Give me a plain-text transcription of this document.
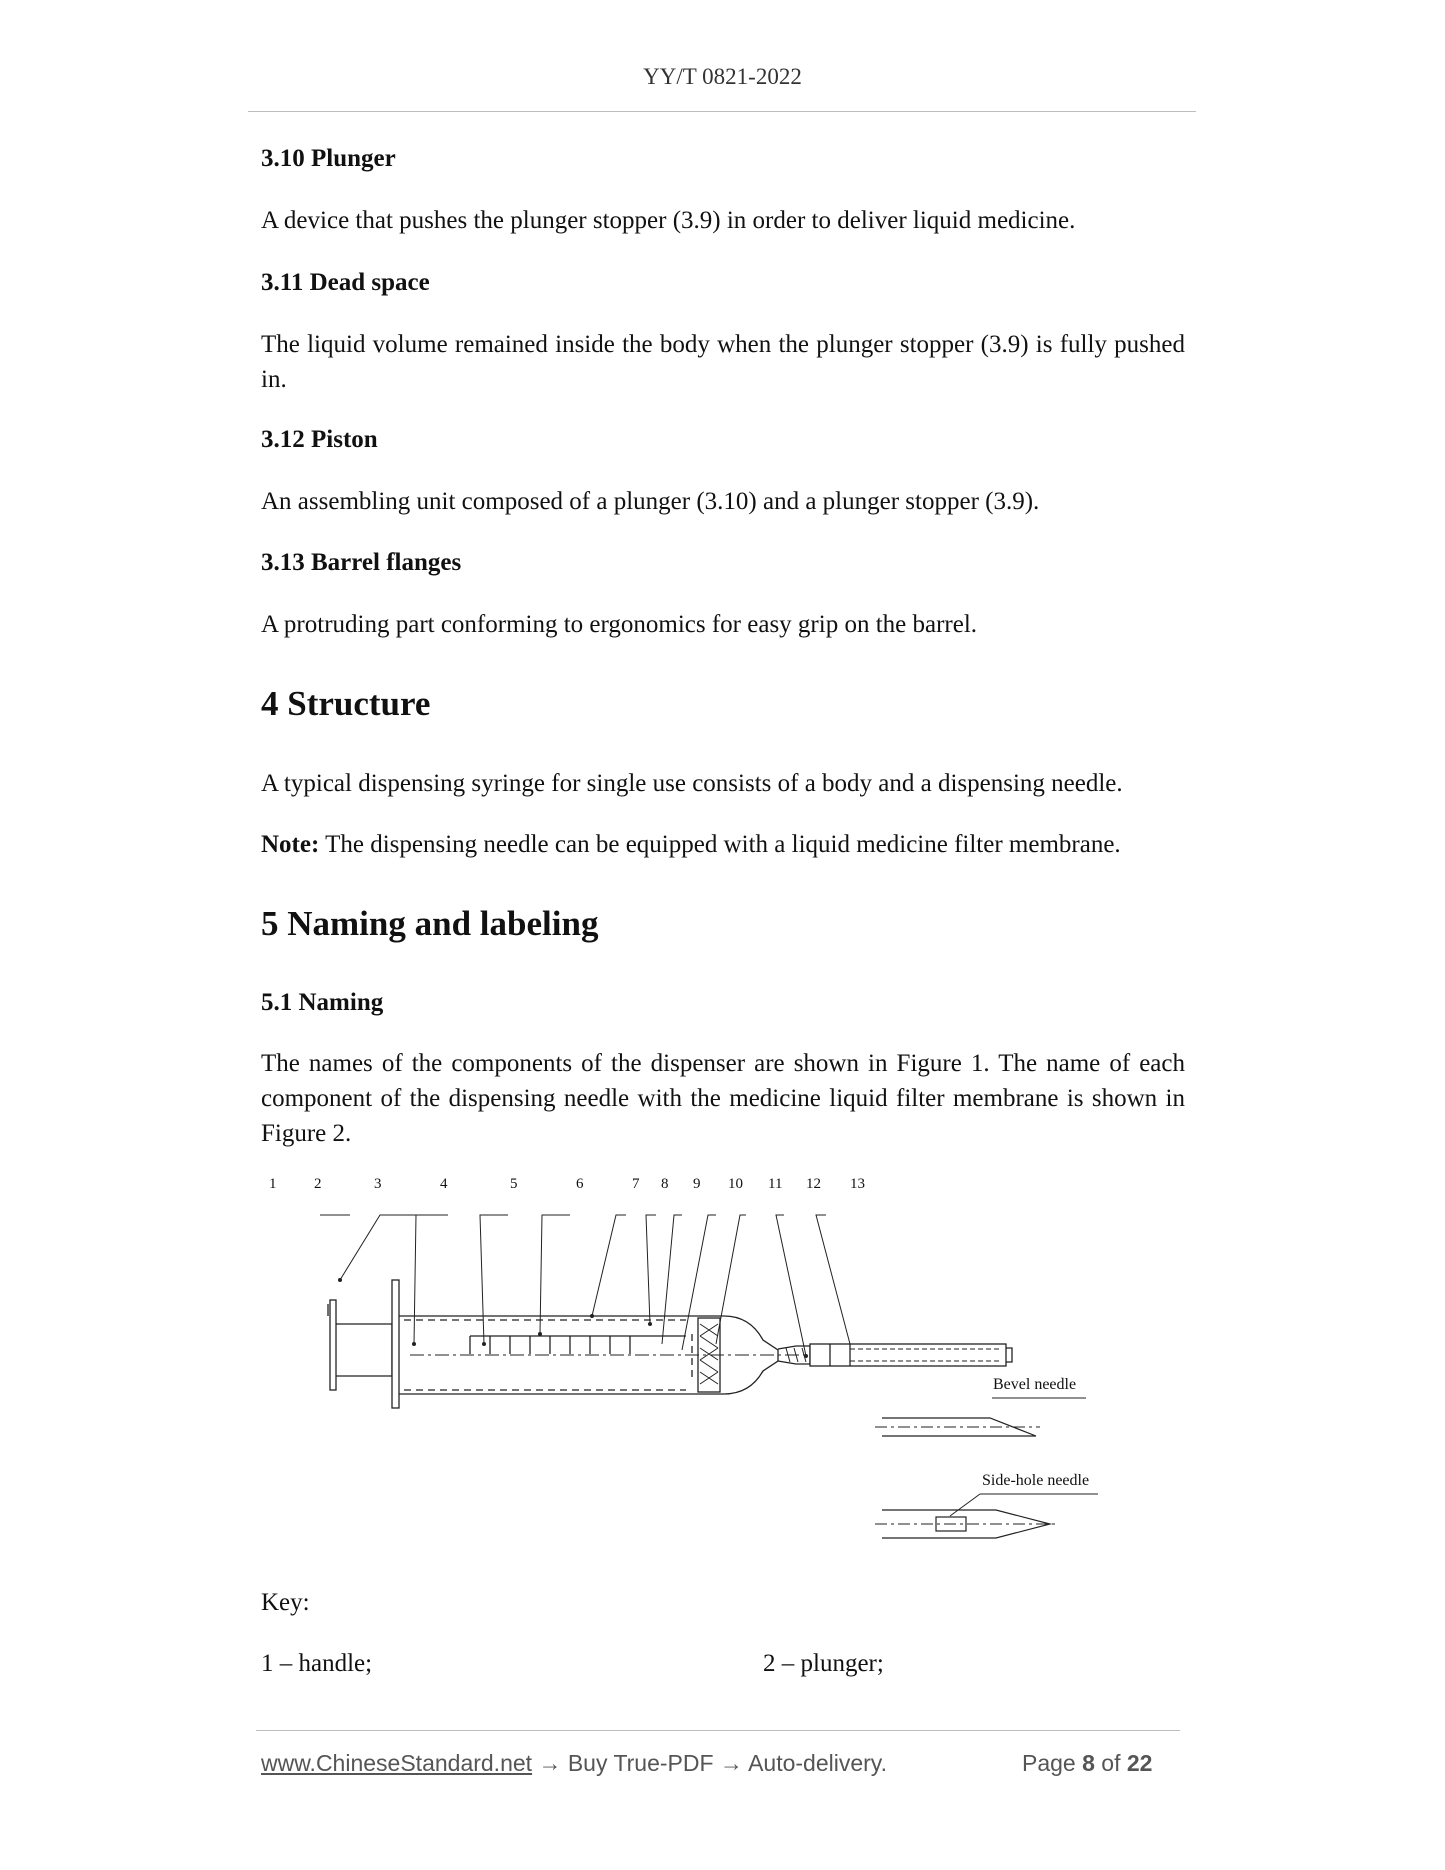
YY/T 0821-2022
3.10 Plunger

A device that pushes the plunger stopper (3.9) in order to deliver liquid medicine.

3.11 Dead space

The liquid volume remained inside the body when the plunger stopper (3.9) is fully pushed in.

3.12 Piston

An assembling unit composed of a plunger (3.10) and a plunger stopper (3.9).

3.13 Barrel flanges

A protruding part conforming to ergonomics for easy grip on the barrel.

4 Structure

A typical dispensing syringe for single use consists of a body and a dispensing needle.

Note: The dispensing needle can be equipped with a liquid medicine filter membrane.

5 Naming and labeling
5.1 Naming

The names of the components of the dispenser are shown in Figure 1. The name of each component of the dispensing needle with the medicine liquid filter membrane is shown in Figure 2.

1	2	3	4	5	6	7 8 9 10 11 12 13
Bevel needle
Side-hole needle
Key:
1 – handle;	2 – plunger;
www.ChineseStandard.net → Buy True-PDF → Auto-delivery.	Page 8 of 22
